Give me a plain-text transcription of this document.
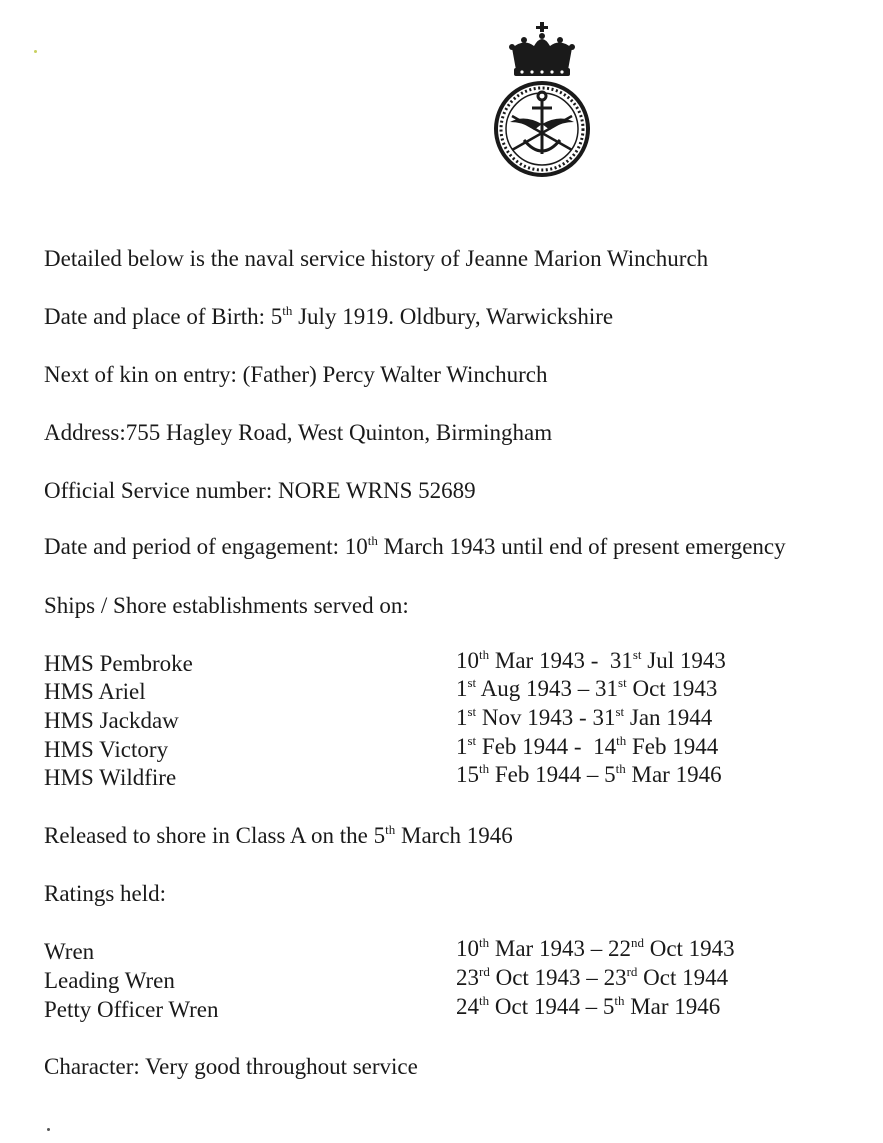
Detailed below is the naval service history of Jeanne Marion Winchurch
Date and place of Birth: 5th July 1919. Oldbury, Warwickshire
Next of kin on entry: (Father) Percy Walter Winchurch
Address:755 Hagley Road, West Quinton, Birmingham
Official Service number: NORE WRNS 52689
Date and period of engagement: 10th March 1943 until end of present emergency
Ships / Shore establishments served on:
HMS Pembroke	10th Mar 1943 - 31st Jul 1943
HMS Ariel	1st Aug 1943 – 31st Oct 1943
HMS Jackdaw	1st Nov 1943 - 31st Jan 1944
HMS Victory	1st Feb 1944 - 14th Feb 1944
HMS Wildfire	15th Feb 1944 – 5th Mar 1946
Released to shore in Class A on the 5th March 1946
Ratings held:
Wren	10th Mar 1943 – 22nd Oct 1943
Leading Wren	23rd Oct 1943 – 23rd Oct 1944
Petty Officer Wren	24th Oct 1944 – 5th Mar 1946
Character: Very good throughout service
